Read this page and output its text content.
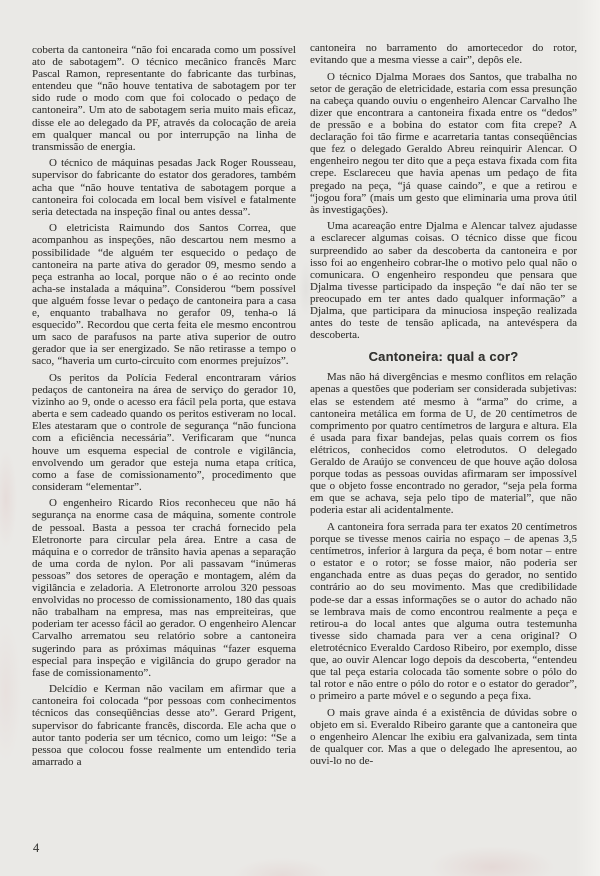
coberta da cantoneira “não foi encarada como um possível ato de sabotagem”. O técnico mecânico francês Marc Pascal Ramon, representante do fabricante das turbinas, entendeu que “não houve tentativa de sabotagem por ter sido rude o modo com que foi colocado o pedaço de cantoneira”. Um ato de sabotagem seria muito mais eficaz, disse ele ao delegado da PF, através da colocação de areia em qualquer mancal ou por interrupção na linha de transmissão de energia.

O técnico de máquinas pesadas Jack Roger Rousseau, supervisor do fabricante do estator dos geradores, também acha que “não houve tentativa de sabotagem porque a cantoneira foi colocada em local bem visível e fatalmente seria detectada na inspeção final ou antes dessa”.

O eletricista Raimundo dos Santos Correa, que acompanhou as inspeções, não descartou nem mesmo a possibilidade “de alguém ter esquecido o pedaço de cantoneira na parte ativa do gerador 09, mesmo sendo a peça estranha ao local, porque não o é ao recinto onde acha-se instalada a máquina”. Considerou “bem possível que alguém fosse levar o pedaço de cantoneira para a casa e, enquanto trabalhava no gerafor 09, tenha-o lá esquecido”. Recordou que certa feita ele mesmo encontrou um saco de parafusos na parte ativa superior de outro gerador que ia ser energizado. Se não retirasse a tempo o saco, “haveria um curto-circuito com enormes prejuízos”.

Os peritos da Polícia Federal encontraram vários pedaços de cantoneira na área de serviço do gerador 10, vizinho ao 9, onde o acesso era fácil pela porta, que estava aberta e sem cadeado quando os peritos estiveram no local. Eles atestaram que o controle de segurança “não funciona com a eficiência necessária”. Verificaram que “nunca houve um esquema especial de controle e vigilância, envolvendo um gerador que esteja numa etapa crítica, como a fase de comissionamento”, procedimento que consideram “elementar”.

O engenheiro Ricardo Rios reconheceu que não há segurança na enorme casa de máquina, somente controle de pessoal. Basta a pessoa ter crachá fornecido pela Eletronorte para circular pela área. Entre a casa de máquina e o corredor de trânsito havia apenas a separação de uma corda de nylon. Por ali passavam “inúmeras pessoas” dos setores de operação e montagem, além da vigilância e zeladoria. A Eletronorte arrolou 320 pessoas envolvidas no processo de comissionamento, 180 das quais não trabalham na empresa, mas nas empreiteiras, que poderiam ter acesso fácil ao gerador. O engenheiro Alencar Carvalho arrematou seu relatório sobre a cantoneira sugerindo para as próximas máquinas “fazer esquema especial para inspeção e vigilância do grupo gerador na fase de comissionamento”.

Delcídio e Kerman não vacilam em afirmar que a cantoneira foi colocada “por pessoas com conhecimentos técnicos das conseqüências desse ato”. Gerard Prigent, supervisor do fabricante francês, discorda. Ele acha que o autor tanto poderia ser um técnico, como um leigo: “Se a pessoa que colocou fosse realmente um entendido teria amarrado a

cantoneira no barramento do amortecedor do rotor, evitando que a mesma viesse a cair”, depôs ele.

O técnico Djalma Moraes dos Santos, que trabalha no setor de geração de eletricidade, estaria com essa presunção na cabeça quando ouviu o engenheiro Alencar Carvalho lhe dizer que encontrara a cantoneira fixada entre os “dedos” de pressão e a bobina do estator com fita crepe? A declaração foi tão firme e acarretaria tantas conseqüências que fez o delegado Geraldo Abreu reinquirir Alencar. O engenheiro negou ter dito que a peça estava fixada com fita crepe. Esclareceu que havia apenas um pedaço de fita pregado na peça, “já quase caindo”, e que a retirou e “jogou fora” (mais um gesto que eliminaria uma prova útil às investigações).

Uma acareação entre Djalma e Alencar talvez ajudasse a esclarecer algumas coisas. O técnico disse que ficou surpreendido ao saber da descoberta da cantoneira e por isso foi ao engenheiro cobrar-lhe o motivo pelo qual não o comunicara. O engenheiro respondeu que pensara que Djalma tivesse participado da inspeção “e daí não ter se preocupado em ter antes dado qualquer informação” a Djalma, que participara da minuciosa inspeção realizada antes do teste de tensão aplicada, na antevéspera da descoberta.

Cantoneira: qual a cor?

Mas não há divergências e mesmo conflitos em relação apenas a questões que poderiam ser considerada subjetivas: elas se estendem até mesmo à “arma” do crime, a cantoneira metálica em forma de U, de 20 centímetros de comprimento por quatro centímetros de largura e altura. Ela é usada para fixar bandejas, pelas quais correm os fios elétricos, conhecidos como eletrodutos. O delegado Geraldo de Araújo se convenceu de que houve ação dolosa porque todas as pessoas ouvidas afirmaram ser impossível que o objeto fosse encontrado no gerador, “seja pela forma em que se achava, seja pelo tipo de material”, que não poderia estar ali acidentalmente.

A cantoneira fora serrada para ter exatos 20 centímetros porque se tivesse menos cairia no espaço – de apenas 3,5 centímetros, inferior à largura da peça, é bom notar – entre o estator e o rotor; se fosse maior, não poderia ser enganchada entre as duas peças do gerador, no sentido contrário ao do seu movimento. Mas que credibilidade pode-se dar a essas informações se o autor do achado não se lembrava mais de como encontrou realmente a peça e retirou-a do local antes que alguma outra testemunha tivesse sido chamada para ver a cena original? O eletrotécnico Everaldo Cardoso Ribeiro, por exemplo, disse que, ao ouvir Alencar logo depois da descoberta, “entendeu que tal peça estaria colocada tão somente sobre o pólo do tal rotor e não entre o pólo do rotor e o estator do gerador”, o primeiro a parte móvel e o segundo a peça fixa.

O mais grave ainda é a existência de dúvidas sobre o objeto em si. Everaldo Ribeiro garante que a cantoneira que o engenheiro Alencar lhe exibiu era galvanizada, sem tinta de qualquer cor. Mas a que o delegado lhe apresentou, ao ouvi-lo no de-

4
